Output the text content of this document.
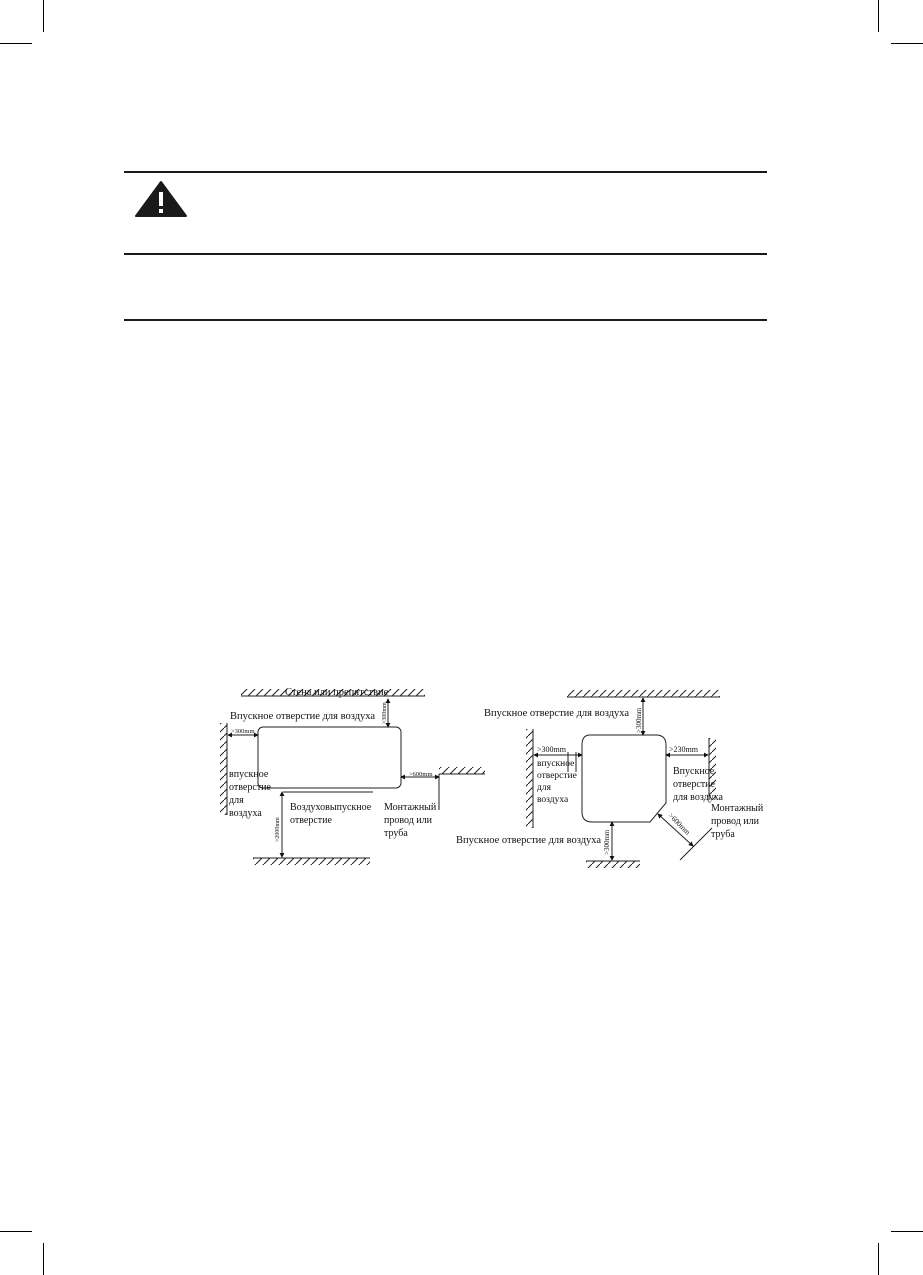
Стена или препятствие
Впускное отверстие для воздуха >300mm
>300mm
>600mm
>2000mm
впускное
отверстие
для
воздуха
Воздуховыпускное
отверстие
Монтажный
провод или
труба
Впускное отверстие для воздуха >300mm
>300mm	>230mm
>300mm
>600mm
впускное
отверстие
для
воздуха
Впускное
отверстие
для воздуха
Монтажный
провод или
труба
Впускное отверстие для воздуха
